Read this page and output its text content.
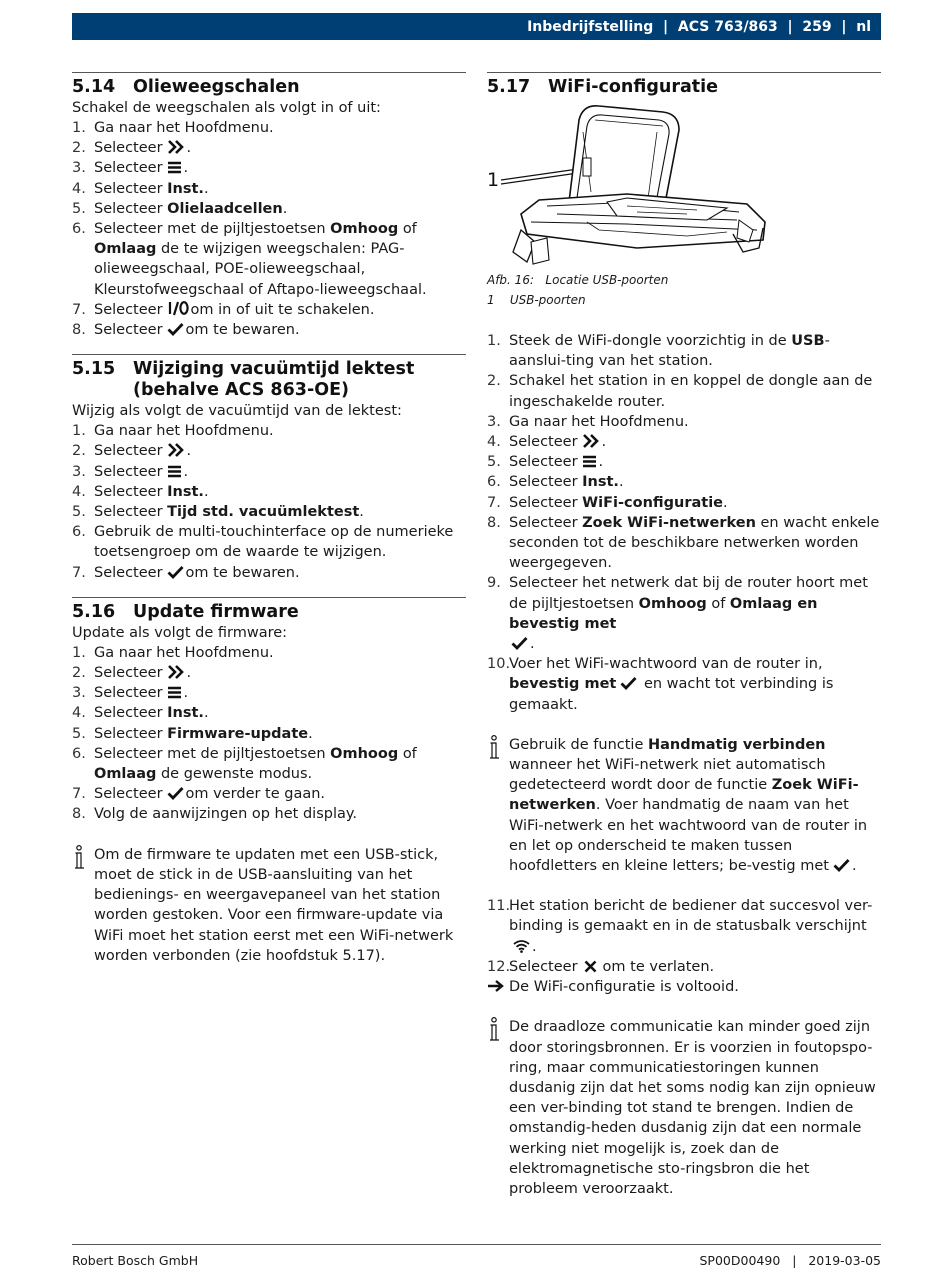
Inbedrijfstelling | ACS 763/863 | 259 | nl
5.14	Olieweegschalen
Schakel de weegschalen als volgt in of uit:
1. Ga naar het Hoofdmenu.
2. Selecteer .
3. Selecteer .
4. Selecteer Inst..
5. Selecteer Olielaadcellen.
6. Selecteer met de pijltjestoetsen Omhoog of Omlaag de te wijzigen weegschalen: PAG-olieweegschaal, POE-olieweegschaal, Kleurstofweegschaal of Aftapo-lieweegschaal.
7. Selecteer om in of uit te schakelen.
8. Selecteer om te bewaren.
5.15	Wijziging vacuümtijd lektest
(behalve ACS 863-OE)
Wijzig als volgt de vacuümtijd van de lektest:
1. Ga naar het Hoofdmenu.
2. Selecteer .
3. Selecteer .
4. Selecteer Inst..
5. Selecteer Tijd std. vacuümlektest.
6. Gebruik de multi-touchinterface op de numerieke toetsengroep om de waarde te wijzigen.
7. Selecteer om te bewaren.
5.16	Update firmware
Update als volgt de firmware:
1. Ga naar het Hoofdmenu.
2. Selecteer .
3. Selecteer .
4. Selecteer Inst..
5. Selecteer Firmware-update.
6. Selecteer met de pijltjestoetsen Omhoog of Omlaag de gewenste modus.
7. Selecteer om verder te gaan.
8. Volg de aanwijzingen op het display.
Om de firmware te updaten met een USB-stick, moet de stick in de USB-aansluiting van het bedienings- en weergavepaneel van het station worden gestoken. Voor een firmware-update via WiFi moet het station eerst met een WiFi-netwerk worden verbonden (zie hoofdstuk 5.17).
5.17	WiFi-configuratie
1
Afb. 16:   Locatie USB-poorten
1    USB-poorten
1. Steek de WiFi-dongle voorzichtig in de USB-aanslui-ting van het station.
2. Schakel het station in en koppel de dongle aan de ingeschakelde router.
3. Ga naar het Hoofdmenu.
4. Selecteer .
5. Selecteer .
6. Selecteer Inst..
7. Selecteer WiFi-configuratie.
8. Selecteer Zoek WiFi-netwerken en wacht enkele seconden tot de beschikbare netwerken worden weergegeven.
9. Selecteer het netwerk dat bij de router hoort met de pijltjestoetsen Omhoog of Omlaag en bevestig met
.
10.
Voer het WiFi-wachtwoord van de router in, bevestig met en wacht tot verbinding is gemaakt.
Gebruik de functie Handmatig verbinden wanneer het WiFi-netwerk niet automatisch gedetecteerd wordt door de functie Zoek WiFi-netwerken. Voer handmatig de naam van het WiFi-netwerk en het wachtwoord van de router in en let op onderscheid te maken tussen hoofdletters en kleine letters; be-vestig met .
11.
Het station bericht de bediener dat succesvol ver-binding is gemaakt en in de statusbalk verschijnt.
12.
Selecteer om te verlaten.
De WiFi-configuratie is voltooid.
De draadloze communicatie kan minder goed zijn door storingsbronnen. Er is voorzien in foutopspo-ring, maar communicatiestoringen kunnen dusdanig zijn dat het soms nodig kan zijn opnieuw een ver-binding tot stand te brengen. Indien de omstandig-heden dusdanig zijn dat een normale werking niet mogelijk is, zoek dan de elektromagnetische sto-ringsbron die het probleem veroorzaakt.
Robert Bosch GmbH	SP00D00490   |   2019-03-05
